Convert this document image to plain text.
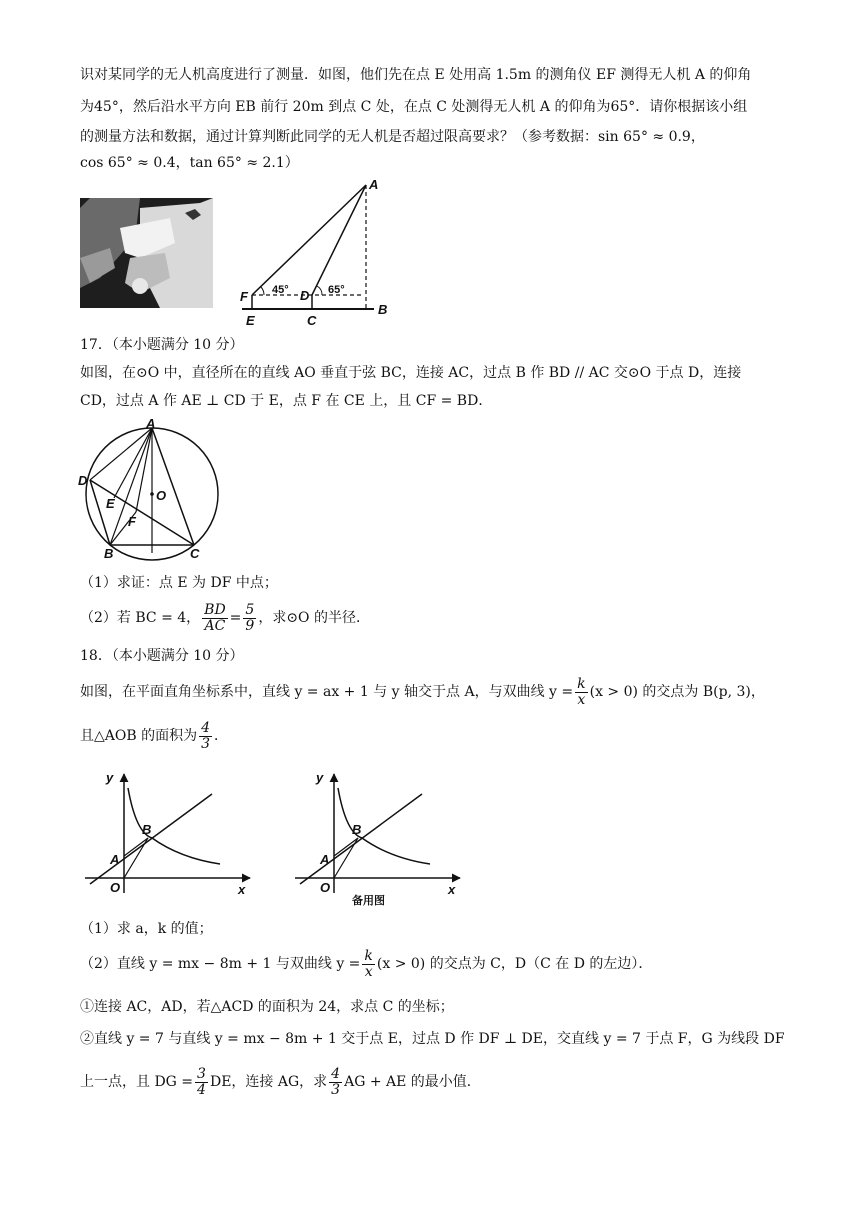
识对某同学的无人机高度进行了测量．如图，他们先在点 E 处用高 1.5m 的测角仪 EF 测得无人机 A 的仰角
为45°，然后沿水平方向 EB 前行 20m 到点 C 处，在点 C 处测得无人机 A 的仰角为65°．请你根据该小组
的测量方法和数据，通过计算判断此同学的无人机是否超过限高要求？（参考数据：sin 65° ≈ 0.9，
cos 65° ≈ 0.4，tan 65° ≈ 2.1）
A
B
C
D
E
F 45°	65°
17．（本小题满分 10 分）
如图，在⊙O 中，直径所在的直线 AO 垂直于弦 BC，连接 AC，过点 B 作 BD // AC 交⊙O 于点 D，连接
CD，过点 A 作 AE ⊥ CD 于 E，点 F 在 CE 上，且 CF = BD．
A
B	C
D
E
F
O
（1）求证：点 E 为 DF 中点；
（2）若 BC = 4， $\frac{BD}{AC} = \frac{5}{9}$ ，求⊙O 的半径．
18．（本小题满分 10 分）
如图，在平面直角坐标系中，直线 y = ax + 1 与 y 轴交于点 A，与双曲线 $y = \frac{k}{x} (x > 0)$ 的交点为 B(p, 3)，
且△AOB 的面积为 $\frac{4}{3}$ ．
y
x
O
A
B
y
x
O
A
B
备用图
（1）求 a，k 的值；
（2）直线 y = mx − 8m + 1 与双曲线 $y = \frac{k}{x} (x > 0)$ 的交点为 C，D（C 在 D 的左边）．
①连接 AC，AD，若△ACD 的面积为 24，求点 C 的坐标；
②直线 y = 7 与直线 y = mx − 8m + 1 交于点 E，过点 D 作 DF ⊥ DE，交直线 y = 7 于点 F，G 为线段 DF
上一点，且 DG = $\frac{3}{4}$ DE，连接 AG，求 $\frac{4}{3}$ AG + AE 的最小值．
